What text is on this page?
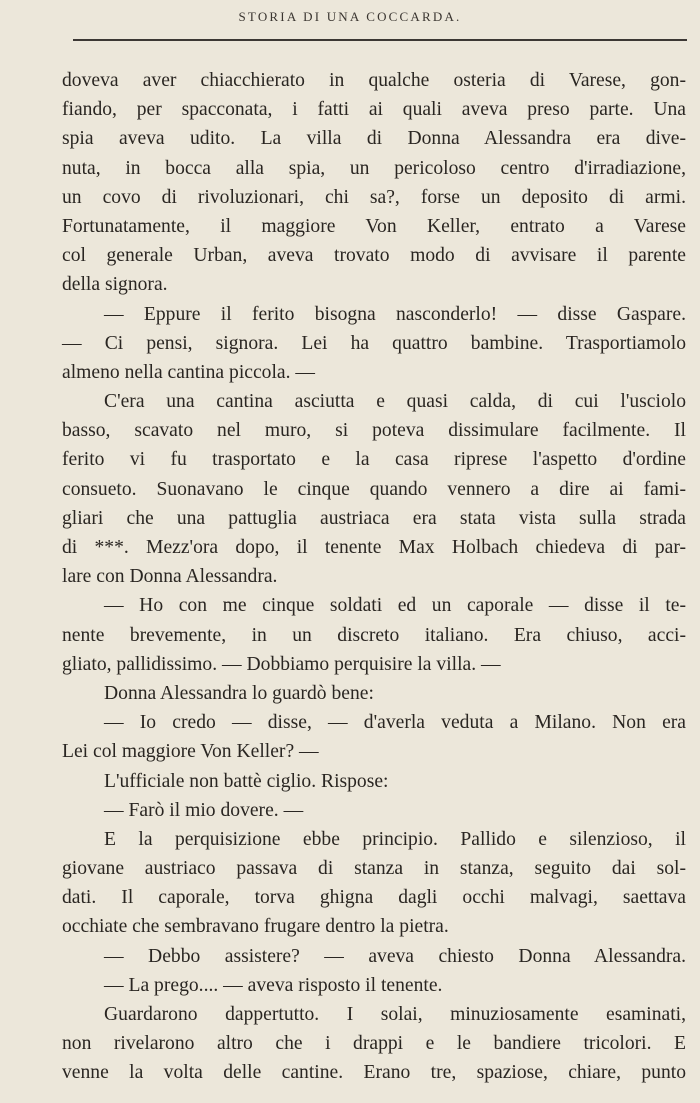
STORIA DI UNA COCCARDA.
doveva aver chiacchierato in qualche osteria di Varese, gon-
fiando, per spacconata, i fatti ai quali aveva preso parte. Una
spia aveva udito. La villa di Donna Alessandra era dive-
nuta, in bocca alla spia, un pericoloso centro d'irradiazione,
un covo di rivoluzionari, chi sa?, forse un deposito di armi.
Fortunatamente, il maggiore Von Keller, entrato a Varese
col generale Urban, aveva trovato modo di avvisare il parente
della signora.
— Eppure il ferito bisogna nasconderlo! — disse Gaspare.
— Ci pensi, signora. Lei ha quattro bambine. Trasportiamolo
almeno nella cantina piccola. —
C'era una cantina asciutta e quasi calda, di cui l'usciolo
basso, scavato nel muro, si poteva dissimulare facilmente. Il
ferito vi fu trasportato e la casa riprese l'aspetto d'ordine
consueto. Suonavano le cinque quando vennero a dire ai fami-
gliari che una pattuglia austriaca era stata vista sulla strada
di ***. Mezz'ora dopo, il tenente Max Holbach chiedeva di par-
lare con Donna Alessandra.
— Ho con me cinque soldati ed un caporale — disse il te-
nente brevemente, in un discreto italiano. Era chiuso, acci-
gliato, pallidissimo. — Dobbiamo perquisire la villa. —
Donna Alessandra lo guardò bene:
— Io credo — disse, — d'averla veduta a Milano. Non era
Lei col maggiore Von Keller? —
L'ufficiale non battè ciglio. Rispose:
— Farò il mio dovere. —
E la perquisizione ebbe principio. Pallido e silenzioso, il
giovane austriaco passava di stanza in stanza, seguito dai sol-
dati. Il caporale, torva ghigna dagli occhi malvagi, saettava
occhiate che sembravano frugare dentro la pietra.
— Debbo assistere? — aveva chiesto Donna Alessandra.
— La prego.... — aveva risposto il tenente.
Guardarono dappertutto. I solai, minuziosamente esaminati,
non rivelarono altro che i drappi e le bandiere tricolori. E
venne la volta delle cantine. Erano tre, spaziose, chiare, punto
